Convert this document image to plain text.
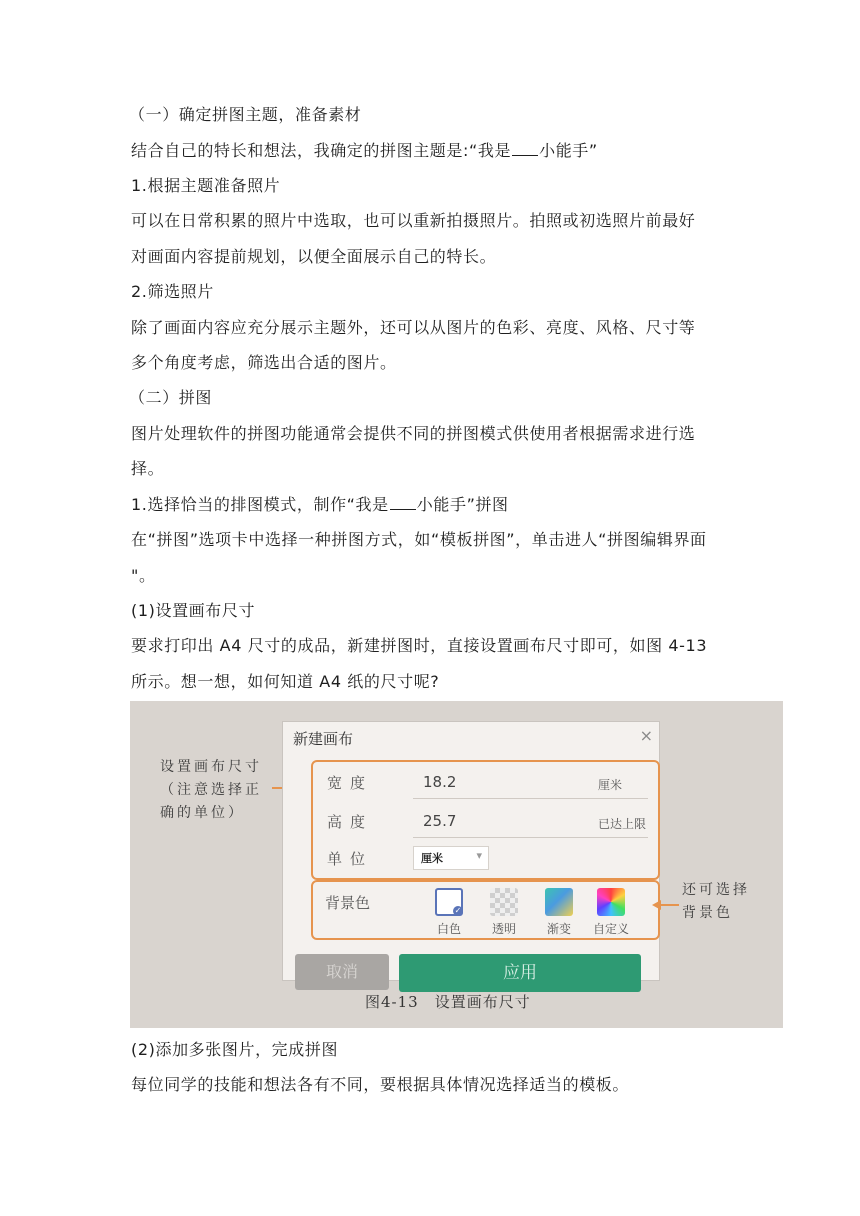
（一）确定拼图主题，准备素材
结合自己的特长和想法，我确定的拼图主题是:“我是 小能手”
1.根据主题准备照片
可以在日常积累的照片中选取，也可以重新拍摄照片。拍照或初选照片前最好
对画面内容提前规划，以便全面展示自己的特长。
2.筛选照片
除了画面内容应充分展示主题外，还可以从图片的色彩、亮度、风格、尺寸等
多个角度考虑，筛选出合适的图片。
（二）拼图
图片处理软件的拼图功能通常会提供不同的拼图模式供使用者根据需求进行选
择。
1.选择恰当的排图模式，制作“我是 小能手”拼图
在“拼图”选项卡中选择一种拼图方式，如“模板拼图”，单击进人“拼图编辑界面
"。
(1)设置画布尺寸
要求打印出 A4 尺寸的成品，新建拼图时，直接设置画布尺寸即可，如图 4-13
所示。想一想，如何知道 A4 纸的尺寸呢?
设置画布尺寸
（注意选择正
确的单位）
新建画布	×
宽度	18.2	厘米
高度	25.7	已达上限
单位	厘米	▾
背景色	✓
白色	透明	渐变 自定义
取消	应用
还可选择
背景色
图4-13　设置画布尺寸
(2)添加多张图片，完成拼图
每位同学的技能和想法各有不同，要根据具体情况选择适当的模板。
